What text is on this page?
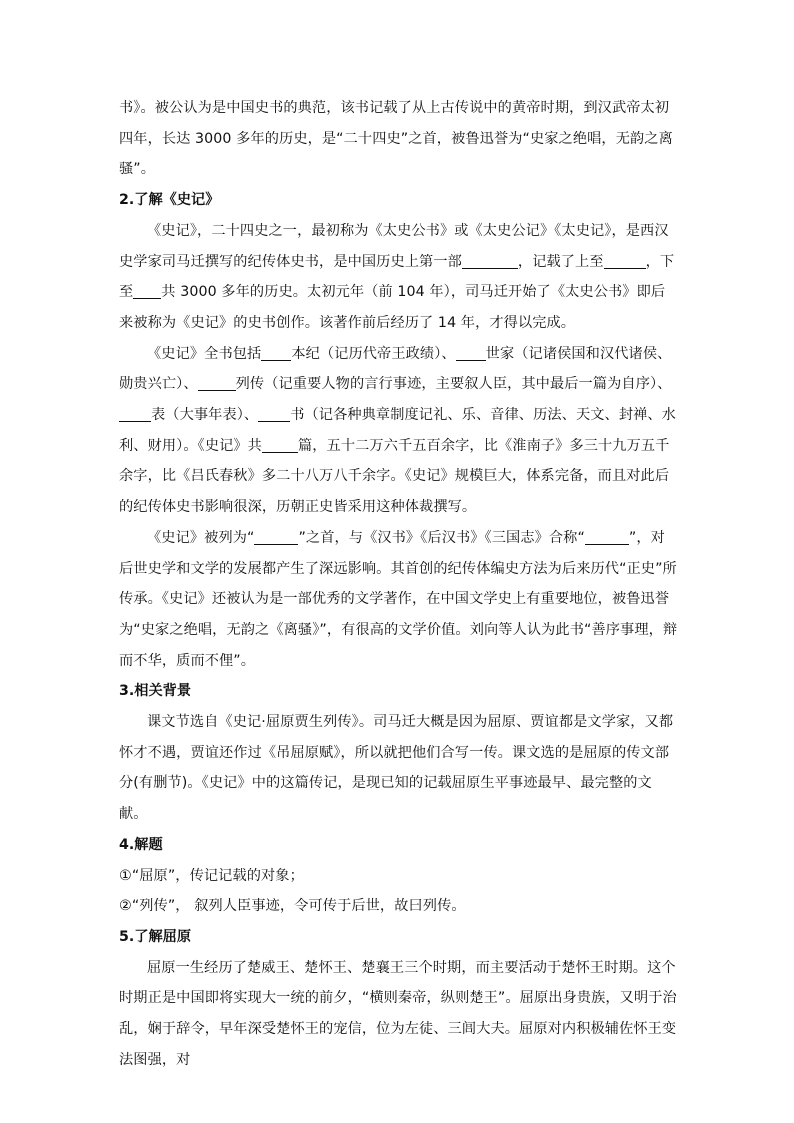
书》。被公认为是中国史书的典范，该书记载了从上古传说中的黄帝时期，到汉武帝太初四年，长达 3000 多年的历史，是“二十四史”之首，被鲁迅誉为“史家之绝唱，无韵之离骚”。

2.了解《史记》

《史记》，二十四史之一，最初称为《太史公书》或《太史公记》《太史记》，是西汉史学家司马迁撰写的纪传体史书，是中国历史上第一部	，记载了上至	，下至 共 3000 多年的历史。太初元年（前 104 年），司马迁开始了《太史公书》即后来被称为《史记》的史书创作。该著作前后经历了 14 年，才得以完成。

《史记》全书包括 本纪（记历代帝王政绩）、 世家（记诸侯国和汉代诸侯、勋贵兴亡）、	列传（记重要人物的言行事迹，主要叙人臣，其中最后一篇为自序）、表（大事年表）、 书（记各种典章制度记礼、乐、音律、历法、天文、封禅、水利、财用）。《史记》共	篇，五十二万六千五百余字，比《淮南子》多三十九万五千余字，比《吕氏春秋》多二十八万八千余字。《史记》规模巨大，体系完备，而且对此后的纪传体史书影响很深，历朝正史皆采用这种体裁撰写。

《史记》被列为“	”之首，与《汉书》《后汉书》《三国志》合称“	”，对后世史学和文学的发展都产生了深远影响。其首创的纪传体编史方法为后来历代“正史”所传承。《史记》还被认为是一部优秀的文学著作，在中国文学史上有重要地位，被鲁迅誉为“史家之绝唱，无韵之《离骚》”，有很高的文学价值。刘向等人认为此书“善序事理，辩而不华，质而不俚”。

3.相关背景

课文节选自《史记·屈原贾生列传》。司马迁大概是因为屈原、贾谊都是文学家，又都怀才不遇，贾谊还作过《吊屈原赋》，所以就把他们合写一传。课文选的是屈原的传文部分(有删节)。《史记》中的这篇传记，是现已知的记载屈原生平事迹最早、最完整的文献。

4.解题

①“屈原”，传记记载的对象；

②“列传”， 叙列人臣事迹，令可传于后世，故曰列传。

5.了解屈原

屈原一生经历了楚威王、楚怀王、楚襄王三个时期，而主要活动于楚怀王时期。这个时期正是中国即将实现大一统的前夕，“横则秦帝，纵则楚王”。屈原出身贵族，又明于治乱，娴于辞令，早年深受楚怀王的宠信，位为左徒、三闾大夫。屈原对内积极辅佐怀王变法图强，对
